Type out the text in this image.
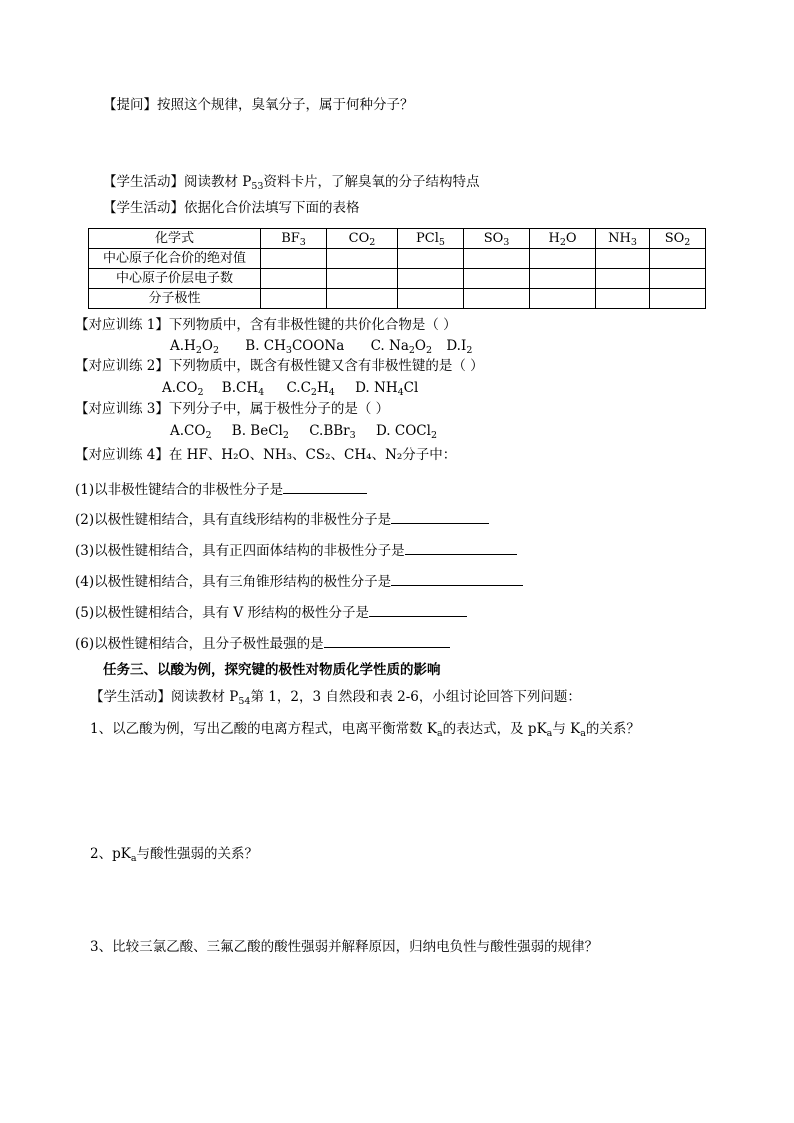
【提问】按照这个规律，臭氧分子，属于何种分子？
【学生活动】阅读教材 $P_{53}$资料卡片，了解臭氧的分子结构特点
【学生活动】依据化合价法填写下面的表格
化学式	$BF_3$	$CO_2$	PCl$_5$	$SO_3$	$H_2O$	$NH_3$	$SO_2$
中心原子化合价的绝对值							
中心原子价层电子数							
分子极性							
【对应训练 1】下列物质中，含有非极性键的共价化合物是（ ）
$A.H_2O_2$ B. $CH_3COONa$ C. $Na_2O_2$ $D.I_2$
【对应训练 2】下列物质中，既含有极性键又含有非极性键的是（ ）
$A.CO_2$ $B.CH_4$ $C.C_2H_4$ D. $NH_4Cl$
【对应训练 3】下列分子中，属于极性分子的是（ ）
$A.CO_2$ B. BeCl$_2$ C.BBr$_3$ D. COCl$_2$
【对应训练 4】在 HF、H₂O、NH₃、CS₂、CH₄、N₂分子中：
(1)以非极性键结合的非极性分子是
(2)以极性键相结合，具有直线形结构的非极性分子是
(3)以极性键相结合，具有正四面体结构的非极性分子是
(4)以极性键相结合，具有三角锥形结构的极性分子是
(5)以极性键相结合，具有 V 形结构的极性分子是
(6)以极性键相结合，且分子极性最强的是
任务三、以酸为例，探究键的极性对物质化学性质的影响
【学生活动】阅读教材 $P_{54}$第 1，2，3 自然段和表 2-6，小组讨论回答下列问题：
1、以乙酸为例，写出乙酸的电离方程式，电离平衡常数 $K_a$的表达式，及 $pK_a$与 $K_a$的关系？
2、$pK_a$与酸性强弱的关系？
3、比较三氯乙酸、三氟乙酸的酸性强弱并解释原因，归纳电负性与酸性强弱的规律？
